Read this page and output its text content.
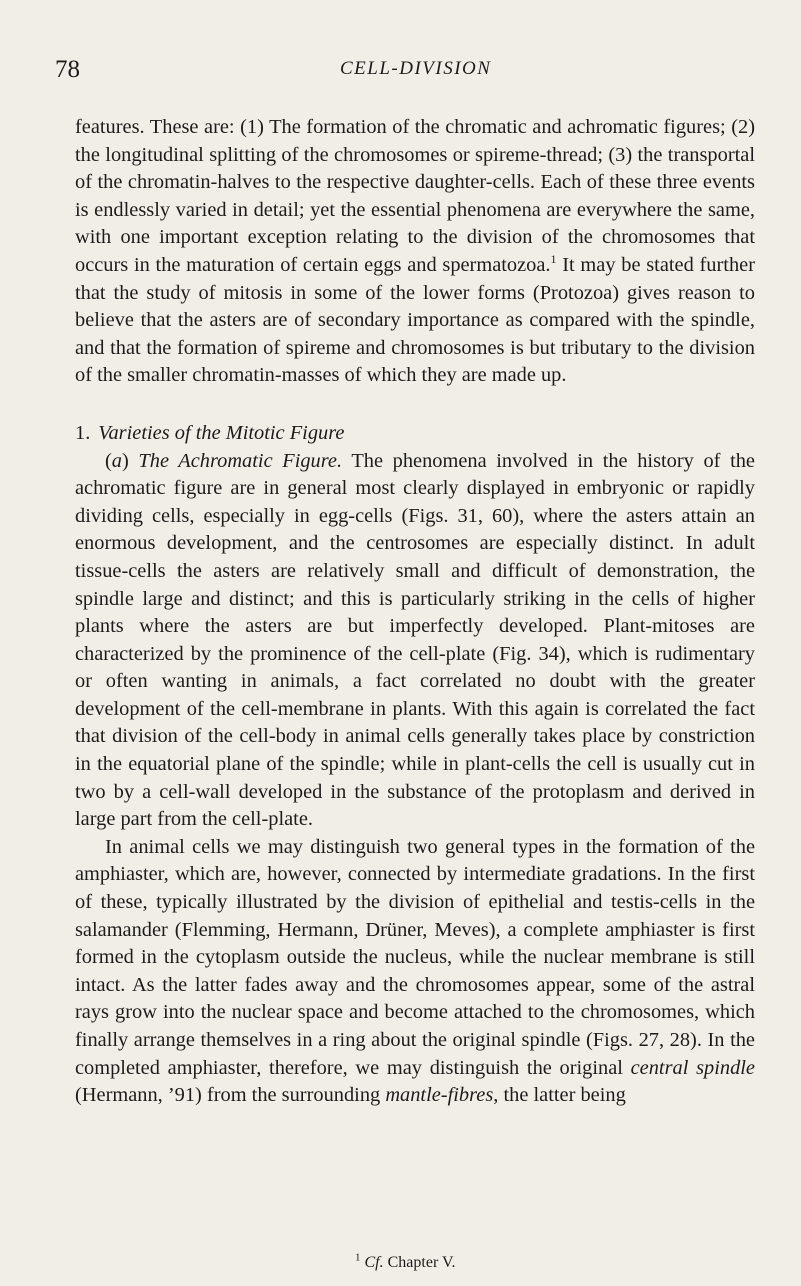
78	CELL-DIVISION

features. These are: (1) The formation of the chromatic and achromatic figures; (2) the longitudinal splitting of the chromosomes or spireme-thread; (3) the transportal of the chromatin-halves to the respective daughter-cells. Each of these three events is endlessly varied in detail; yet the essential phenomena are everywhere the same, with one important exception relating to the division of the chromosomes that occurs in the maturation of certain eggs and spermatozoa.$^1$ It may be stated further that the study of mitosis in some of the lower forms (Protozoa) gives reason to believe that the asters are of secondary importance as compared with the spindle, and that the formation of spireme and chromosomes is but tributary to the division of the smaller chromatin-masses of which they are made up.

1. Varieties of the Mitotic Figure

(a) The Achromatic Figure. The phenomena involved in the history of the achromatic figure are in general most clearly displayed in embryonic or rapidly dividing cells, especially in egg-cells (Figs. 31, 60), where the asters attain an enormous development, and the centrosomes are especially distinct. In adult tissue-cells the asters are relatively small and difficult of demonstration, the spindle large and distinct; and this is particularly striking in the cells of higher plants where the asters are but imperfectly developed. Plant-mitoses are characterized by the prominence of the cell-plate (Fig. 34), which is rudimentary or often wanting in animals, a fact correlated no doubt with the greater development of the cell-membrane in plants. With this again is correlated the fact that division of the cell-body in animal cells generally takes place by constriction in the equatorial plane of the spindle; while in plant-cells the cell is usually cut in two by a cell-wall developed in the substance of the protoplasm and derived in large part from the cell-plate.

In animal cells we may distinguish two general types in the formation of the amphiaster, which are, however, connected by intermediate gradations. In the first of these, typically illustrated by the division of epithelial and testis-cells in the salamander (Flemming, Hermann, Drüner, Meves), a complete amphiaster is first formed in the cytoplasm outside the nucleus, while the nuclear membrane is still intact. As the latter fades away and the chromosomes appear, some of the astral rays grow into the nuclear space and become attached to the chromosomes, which finally arrange themselves in a ring about the original spindle (Figs. 27, 28). In the completed amphiaster, therefore, we may distinguish the original central spindle (Hermann, ’91) from the surrounding mantle-fibres, the latter being

$^1$ Cf. Chapter V.
